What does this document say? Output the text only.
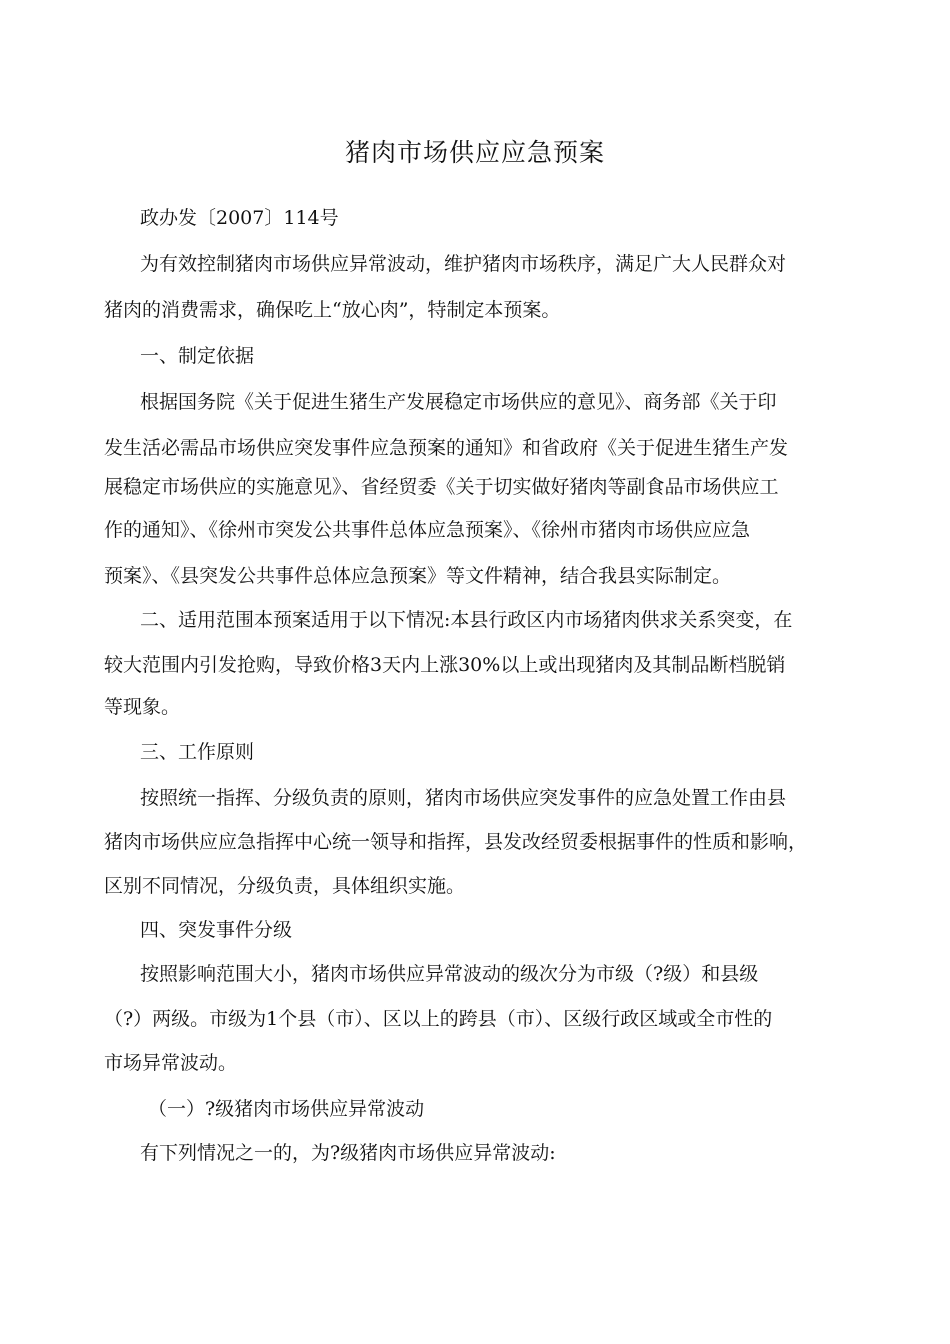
猪肉市场供应应急预案
政办发〔2007〕114号
为有效控制猪肉市场供应异常波动，维护猪肉市场秩序，满足广大人民群众对
猪肉的消费需求，确保吃上“放心肉”，特制定本预案。
一、制定依据
根据国务院《关于促进生猪生产发展稳定市场供应的意见》、商务部《关于印
发生活必需品市场供应突发事件应急预案的通知》和省政府《关于促进生猪生产发
展稳定市场供应的实施意见》、省经贸委《关于切实做好猪肉等副食品市场供应工
作的通知》、《徐州市突发公共事件总体应急预案》、《徐州市猪肉市场供应应急
预案》、《县突发公共事件总体应急预案》等文件精神，结合我县实际制定。
二、适用范围本预案适用于以下情况:本县行政区内市场猪肉供求关系突变，在
较大范围内引发抢购，导致价格3天内上涨30%以上或出现猪肉及其制品断档脱销
等现象。
三、工作原则
按照统一指挥、分级负责的原则，猪肉市场供应突发事件的应急处置工作由县
猪肉市场供应应急指挥中心统一领导和指挥，县发改经贸委根据事件的性质和影响，
区别不同情况，分级负责，具体组织实施。
四、突发事件分级
按照影响范围大小，猪肉市场供应异常波动的级次分为市级（?级）和县级
（?）两级。市级为1个县（市）、区以上的跨县（市）、区级行政区域或全市性的
市场异常波动。
（一）?级猪肉市场供应异常波动
有下列情况之一的，为?级猪肉市场供应异常波动:
